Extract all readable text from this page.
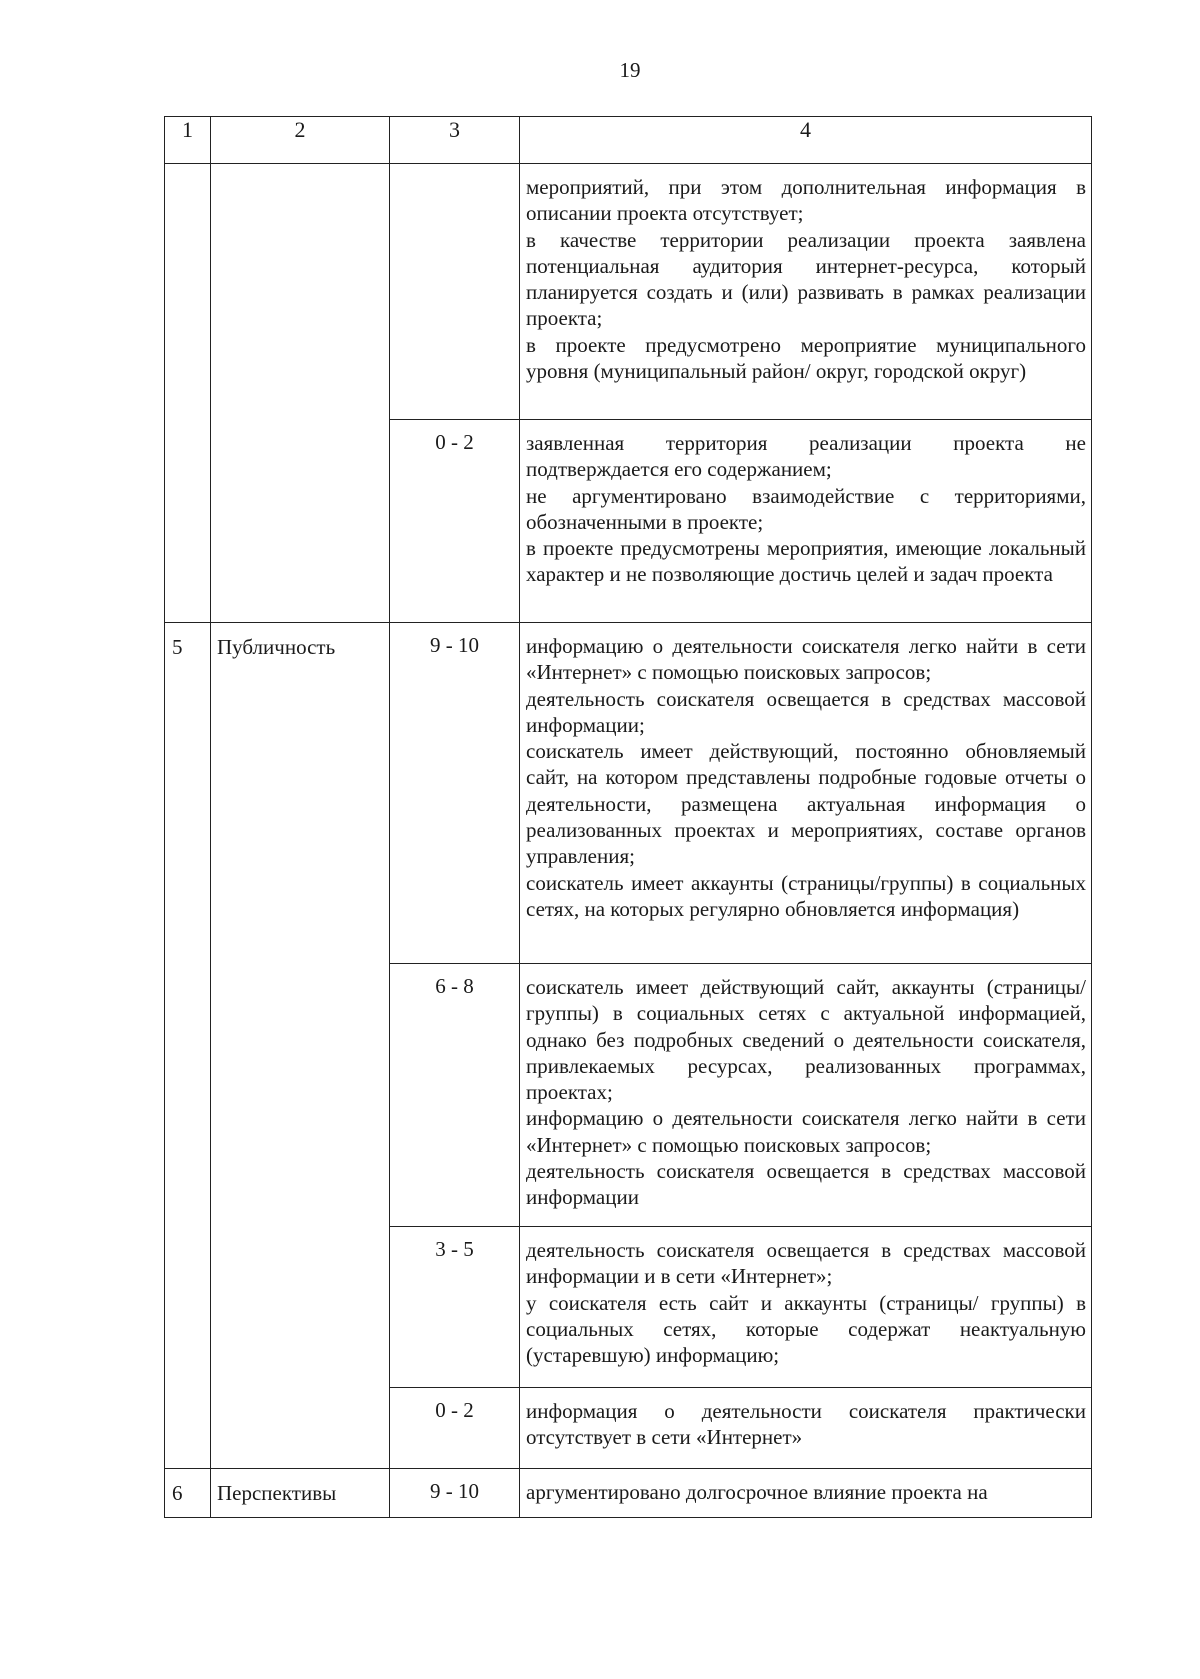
19
1	2	3	4

			мероприятий, при этом дополнительная информация в описании проекта отсутствует;
в качестве территории реализации проекта заявлена потенциальная аудитория интернет-ресурса, который планируется создать и (или) развивать в рамках реализации проекта;
в проекте предусмотрено мероприятие муниципального уровня (муниципальный район/ округ, городской округ)

		0 - 2	заявленная территория реализации проекта не подтверждается его содержанием;
не аргументировано взаимодействие с территориями, обозначенными в проекте;
в проекте предусмотрены мероприятия, имеющие локальный характер и не позволяющие достичь целей и задач проекта

5	Публичность	9 - 10	информацию о деятельности соискателя легко найти в сети «Интернет» с помощью поисковых запросов;
деятельность соискателя освещается в средствах массовой информации;
соискатель имеет действующий, постоянно обновляемый сайт, на котором представлены подробные годовые отчеты о деятельности, размещена актуальная информация о реализованных проектах и мероприятиях, составе органов управления;
соискатель имеет аккаунты (страницы/группы) в социальных сетях, на которых регулярно обновляется информация)

		6 - 8	соискатель имеет действующий сайт, аккаунты (страницы/группы) в социальных сетях с актуальной информацией, однако без подробных сведений о деятельности соискателя, привлекаемых ресурсах, реализованных программах, проектах;
информацию о деятельности соискателя легко найти в сети «Интернет» с помощью поисковых запросов;
деятельность соискателя освещается в средствах массовой информации

		3 - 5	деятельность соискателя освещается в средствах массовой информации и в сети «Интернет»;
у соискателя есть сайт и аккаунты (страницы/ группы) в социальных сетях, которые содержат неактуальную (устаревшую) информацию;

		0 - 2	информация о деятельности соискателя практически отсутствует в сети «Интернет»

6	Перспективы	9 - 10	аргументировано долгосрочное влияние проекта на
